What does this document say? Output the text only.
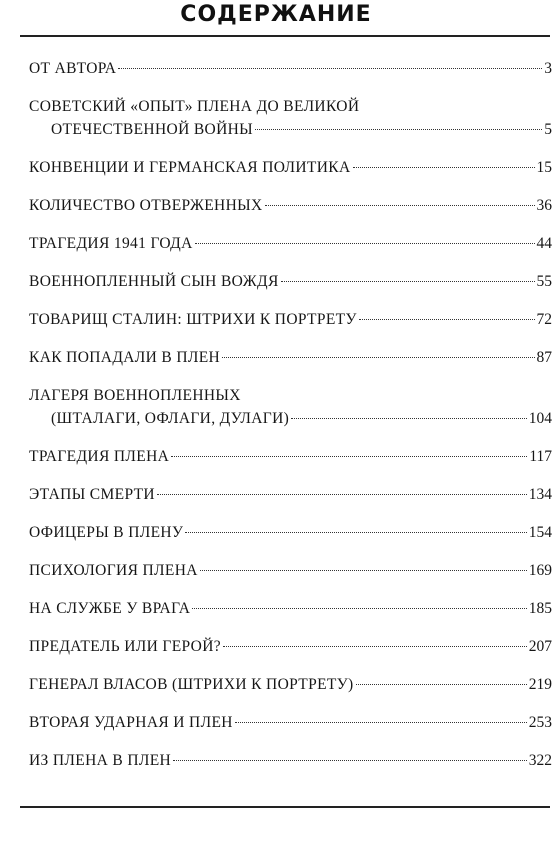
СОДЕРЖАНИЕ
ОТ АВТОРА	3
СОВЕТСКИЙ «ОПЫТ» ПЛЕНА ДО ВЕЛИКОЙ
ОТЕЧЕСТВЕННОЙ ВОЙНЫ	5
КОНВЕНЦИИ И ГЕРМАНСКАЯ ПОЛИТИКА	15
КОЛИЧЕСТВО ОТВЕРЖЕННЫХ	36
ТРАГЕДИЯ 1941 ГОДА	44
ВОЕННОПЛЕННЫЙ СЫН ВОЖДЯ	55
ТОВАРИЩ СТАЛИН: ШТРИХИ К ПОРТРЕТУ	72
КАК ПОПАДАЛИ В ПЛЕН	87
ЛАГЕРЯ ВОЕННОПЛЕННЫХ
(ШТАЛАГИ, ОФЛАГИ, ДУЛАГИ)	104
ТРАГЕДИЯ ПЛЕНА	117
ЭТАПЫ СМЕРТИ	134
ОФИЦЕРЫ В ПЛЕНУ	154
ПСИХОЛОГИЯ ПЛЕНА	169
НА СЛУЖБЕ У ВРАГА	185
ПРЕДАТЕЛЬ ИЛИ ГЕРОЙ?	207
ГЕНЕРАЛ ВЛАСОВ (ШТРИХИ К ПОРТРЕТУ)	219
ВТОРАЯ УДАРНАЯ И ПЛЕН	253
ИЗ ПЛЕНА В ПЛЕН	322
